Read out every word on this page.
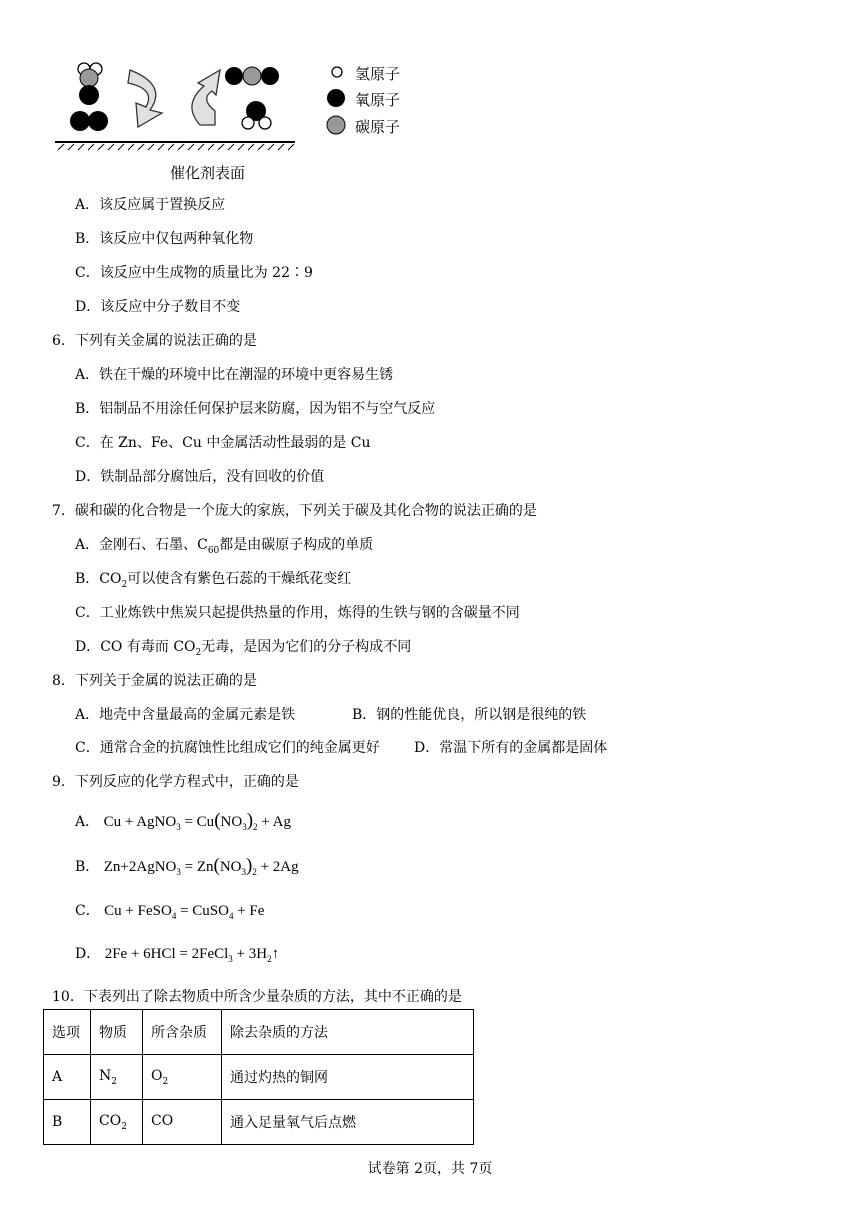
氢原子
氧原子
碳原子
催化剂表面
A．该反应属于置换反应
B．该反应中仅包两种氧化物
C．该反应中生成物的质量比为 22∶9
D．该反应中分子数目不变
6．下列有关金属的说法正确的是
A．铁在干燥的环境中比在潮湿的环境中更容易生锈
B．铝制品不用涂任何保护层来防腐，因为铝不与空气反应
C．在 Zn、Fe、Cu 中金属活动性最弱的是 Cu
D．铁制品部分腐蚀后，没有回收的价值
7．碳和碳的化合物是一个庞大的家族，下列关于碳及其化合物的说法正确的是
A．金刚石、石墨、$C_{60}$都是由碳原子构成的单质
B．$CO_2$可以使含有紫色石蕊的干燥纸花变红
C．工业炼铁中焦炭只起提供热量的作用，炼得的生铁与钢的含碳量不同
D．CO 有毒而 $CO_2$无毒，是因为它们的分子构成不同
8．下列关于金属的说法正确的是
A．地壳中含量最高的金属元素是铁	B．钢的性能优良，所以钢是很纯的铁
C．通常合金的抗腐蚀性比组成它们的纯金属更好 D．常温下所有的金属都是固体
9．下列反应的化学方程式中，正确的是
A． Cu + AgNO$_3$ = $Cu(NO_3)_2 + Ag$
B． Zn+2AgNO$_3$ = $Zn(NO_3)_2 + 2Ag$
C． Cu + FeSO$_4$ = CuSO$_4$ + Fe
D． 2Fe + 6HCl = 2FeCl$_3$ + $3H_2↑$
10．下表列出了除去物质中所含少量杂质的方法，其中不正确的是
选项	物质	所含杂质	除去杂质的方法
A	$N_2$	$O_2$	通过灼热的铜网
B	$CO_2$	CO	通入足量氧气后点燃
试卷第 2页，共 7页
